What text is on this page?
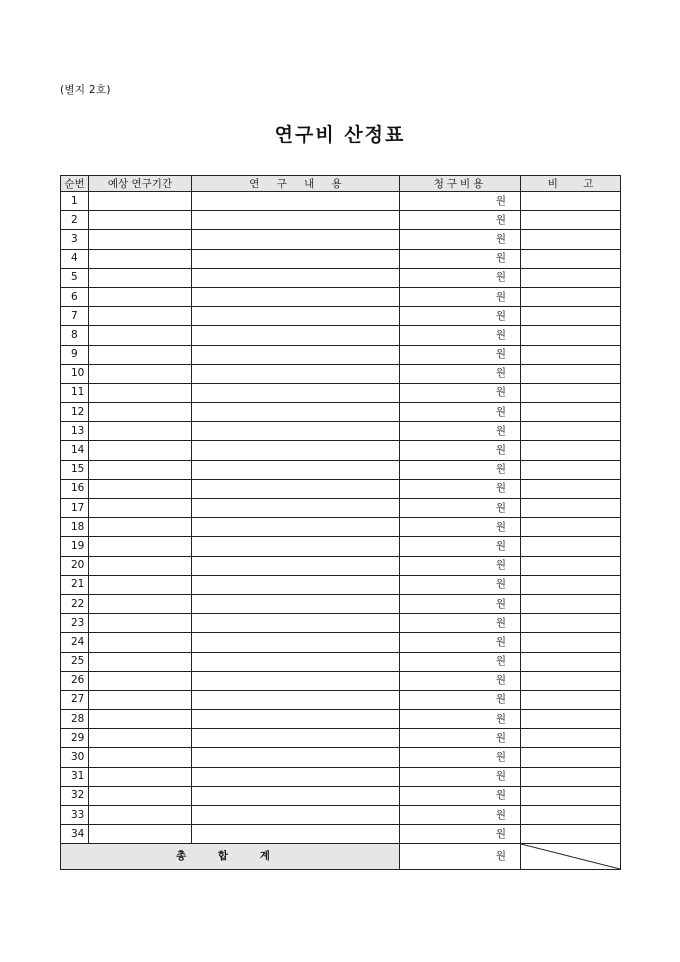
(별지 2호)
연구비 산정표
순번	예상 연구기간	연 구 내 용	청구비용	비 고
1			원	
2			원	
3			원	
4			원	
5			원	
6			원	
7			원	
8			원	
9			원	
10			원	
11			원	
12			원	
13			원	
14			원	
15			원	
16			원	
17			원	
18			원	
19			원	
20			원	
21			원	
22			원	
23			원	
24			원	
25			원	
26			원	
27			원	
28			원	
29			원	
30			원	
31			원	
32			원	
33			원	
34			원	
총 합 계			원	
